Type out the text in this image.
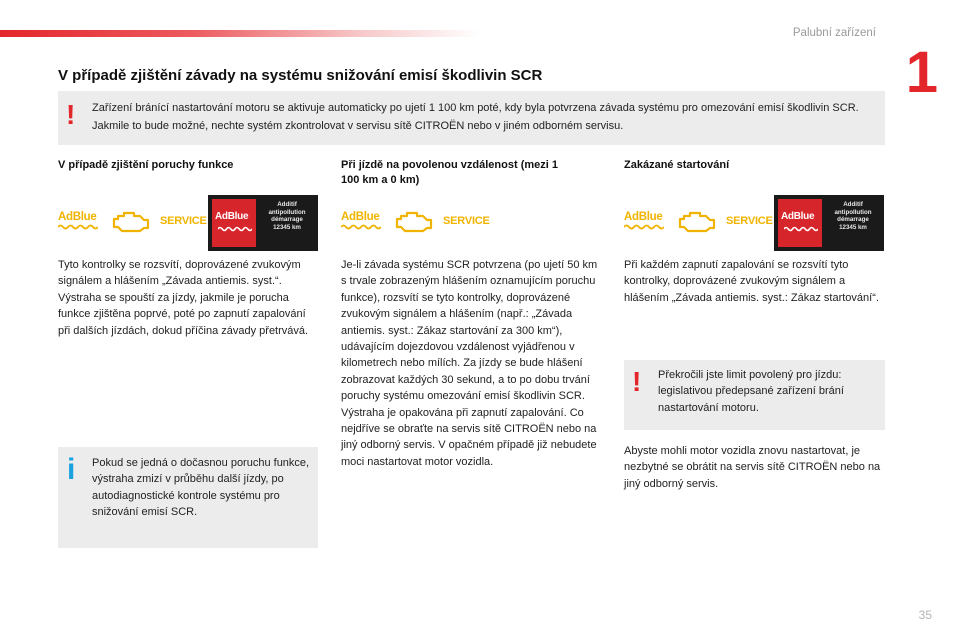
Palubní zařízení
1
V případě zjištění závady na systému snižování emisí škodlivin SCR
! Zařízení bránící nastartování motoru se aktivuje automaticky po ujetí 1 100 km poté, kdy byla potvrzena závada systému pro omezování emisí škodlivin SCR. Jakmile to bude možné, nechte systém zkontrolovat v servisu sítě CITROËN nebo v jiném odborném servisu.
V případě zjištění poruchy funkce
AdBlue	SERVICE AdBlue
Additif
antipollution
démarrage
12345 km
Tyto kontrolky se rozsvítí, doprovázené zvukovým signálem a hlášením „Závada antiemis. syst.“. Výstraha se spouští za jízdy, jakmile je porucha funkce zjištěna poprvé, poté po zapnutí zapalování při dalších jízdách, dokud příčina závady přetrvává.
i Pokud se jedná o dočasnou poruchu funkce, výstraha zmizí v průběhu další jízdy, po autodiagnostické kontrole systému pro snižování emisí SCR.
Při jízdě na povolenou vzdálenost (mezi 1 100 km a 0 km)
AdBlue	SERVICE
Je-li závada systému SCR potvrzena (po ujetí 50 km s trvale zobrazeným hlášením oznamujícím poruchu funkce), rozsvítí se tyto kontrolky, doprovázené zvukovým signálem a hlášením (např.: „Závada antiemis. syst.: Zákaz startování za 300 km“), udávajícím dojezdovou vzdálenost vyjádřenou v kilometrech nebo mílích. Za jízdy se bude hlášení zobrazovat každých 30 sekund, a to po dobu trvání poruchy systému omezování emisí škodlivin SCR. Výstraha je opakována při zapnutí zapalování. Co nejdříve se obraťte na servis sítě CITROËN nebo na jiný odborný servis. V opačném případě již nebudete moci nastartovat motor vozidla.
Zakázané startování
AdBlue	SERVICE AdBlue
Additif
antipollution
démarrage
12345 km
Při každém zapnutí zapalování se rozsvítí tyto kontrolky, doprovázené zvukovým signálem a hlášením „Závada antiemis. syst.: Zákaz startování“.
! Překročili jste limit povolený pro jízdu: legislativou předepsané zařízení brání nastartování motoru.
Abyste mohli motor vozidla znovu nastartovat, je nezbytné se obrátit na servis sítě CITROËN nebo na jiný odborný servis.
35
